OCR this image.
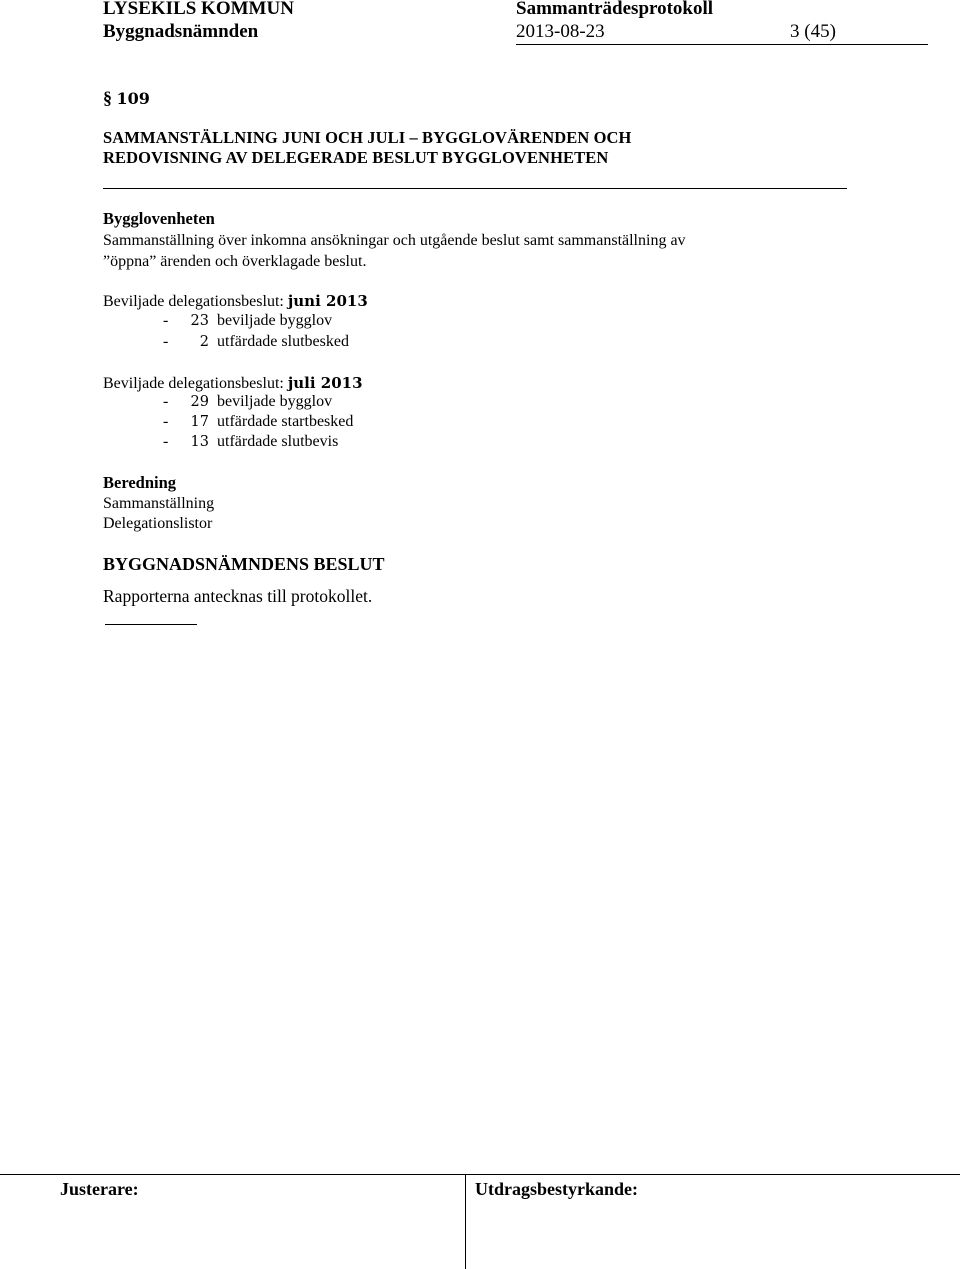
LYSEKILS KOMMUN	Sammanträdesprotokoll
Byggnadsnämnden	2013-08-23	3 (45)
§ 109
SAMMANSTÄLLNING JUNI OCH JULI – BYGGLOVÄRENDEN OCH
REDOVISNING AV DELEGERADE BESLUT BYGGLOVENHETEN
Bygglovenheten
Sammanställning över inkomna ansökningar och utgående beslut samt sammanställning av
”öppna” ärenden och överklagade beslut.
Beviljade delegationsbeslut: juni 2013
- 23 beviljade bygglov
- 2 utfärdade slutbesked
Beviljade delegationsbeslut: juli 2013
- 29 beviljade bygglov
- 17 utfärdade startbesked
- 13 utfärdade slutbevis
Beredning
Sammanställning
Delegationslistor
BYGGNADSNÄMNDENS BESLUT
Rapporterna antecknas till protokollet.
Justerare:	Utdragsbestyrkande:
